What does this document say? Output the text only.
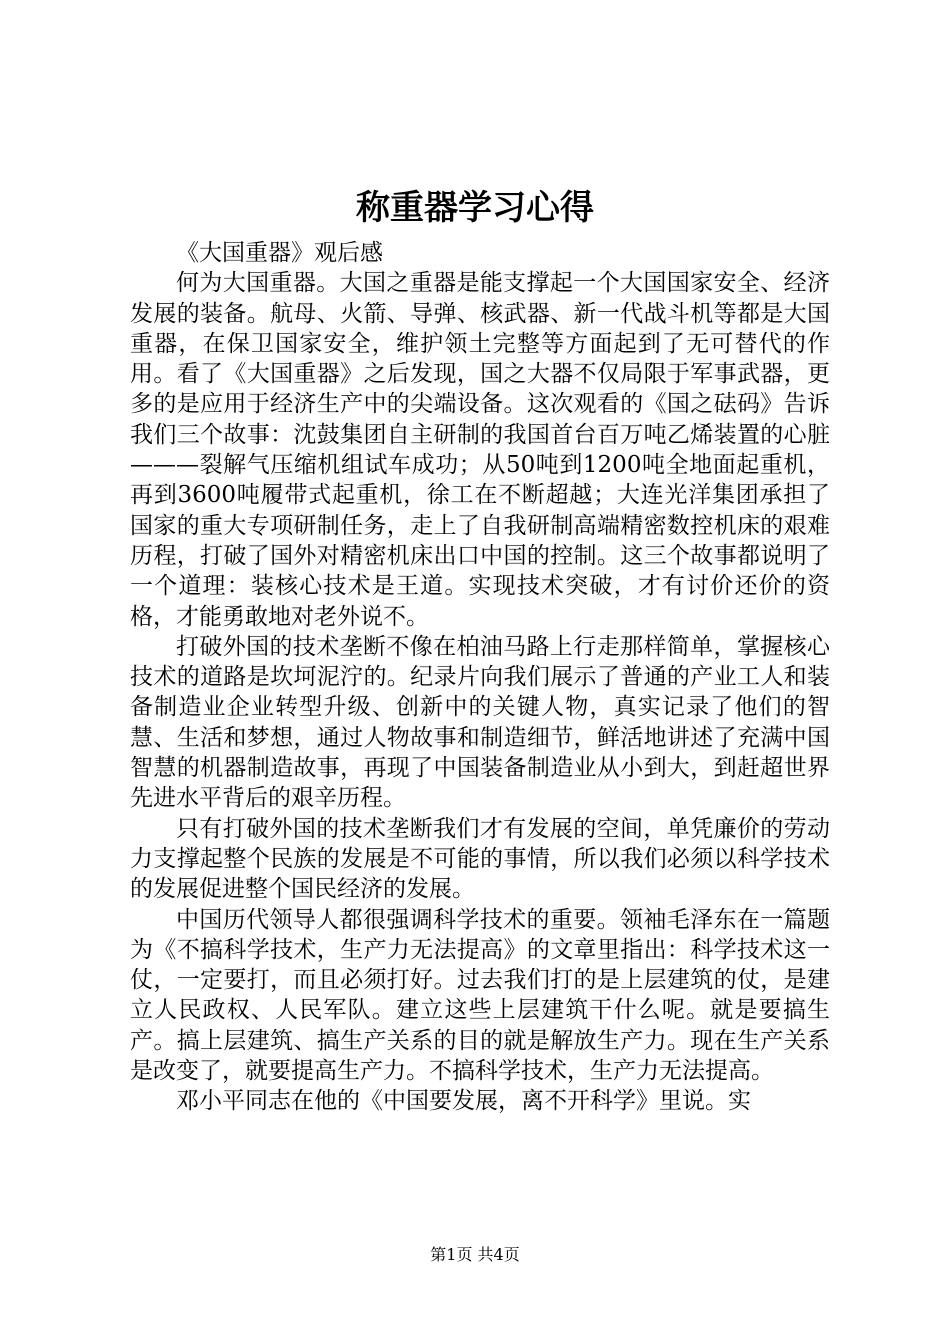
称重器学习心得

《大国重器》观后感

何为大国重器。大国之重器是能支撑起一个大国国家安全、经济发展的装备。航母、火箭、导弹、核武器、新一代战斗机等都是大国重器，在保卫国家安全，维护领土完整等方面起到了无可替代的作用。看了《大国重器》之后发现，国之大器不仅局限于军事武器，更多的是应用于经济生产中的尖端设备。这次观看的《国之砝码》告诉我们三个故事：沈鼓集团自主研制的我国首台百万吨乙烯装置的心脏———裂解气压缩机组试车成功；从50吨到1200吨全地面起重机，再到3600吨履带式起重机，徐工在不断超越；大连光洋集团承担了国家的重大专项研制任务，走上了自我研制高端精密数控机床的艰难历程，打破了国外对精密机床出口中国的控制。这三个故事都说明了一个道理：装核心技术是王道。实现技术突破，才有讨价还价的资格，才能勇敢地对老外说不。

打破外国的技术垄断不像在柏油马路上行走那样简单，掌握核心技术的道路是坎坷泥泞的。纪录片向我们展示了普通的产业工人和装备制造业企业转型升级、创新中的关键人物，真实记录了他们的智慧、生活和梦想，通过人物故事和制造细节，鲜活地讲述了充满中国智慧的机器制造故事，再现了中国装备制造业从小到大，到赶超世界先进水平背后的艰辛历程。

只有打破外国的技术垄断我们才有发展的空间，单凭廉价的劳动力支撑起整个民族的发展是不可能的事情，所以我们必须以科学技术的发展促进整个国民经济的发展。

中国历代领导人都很强调科学技术的重要。领袖毛泽东在一篇题为《不搞科学技术，生产力无法提高》的文章里指出：科学技术这一仗，一定要打，而且必须打好。过去我们打的是上层建筑的仗，是建立人民政权、人民军队。建立这些上层建筑干什么呢。就是要搞生产。搞上层建筑、搞生产关系的目的就是解放生产力。现在生产关系是改变了，就要提高生产力。不搞科学技术，生产力无法提高。

邓小平同志在他的《中国要发展，离不开科学》里说。实

第1页 共4页
